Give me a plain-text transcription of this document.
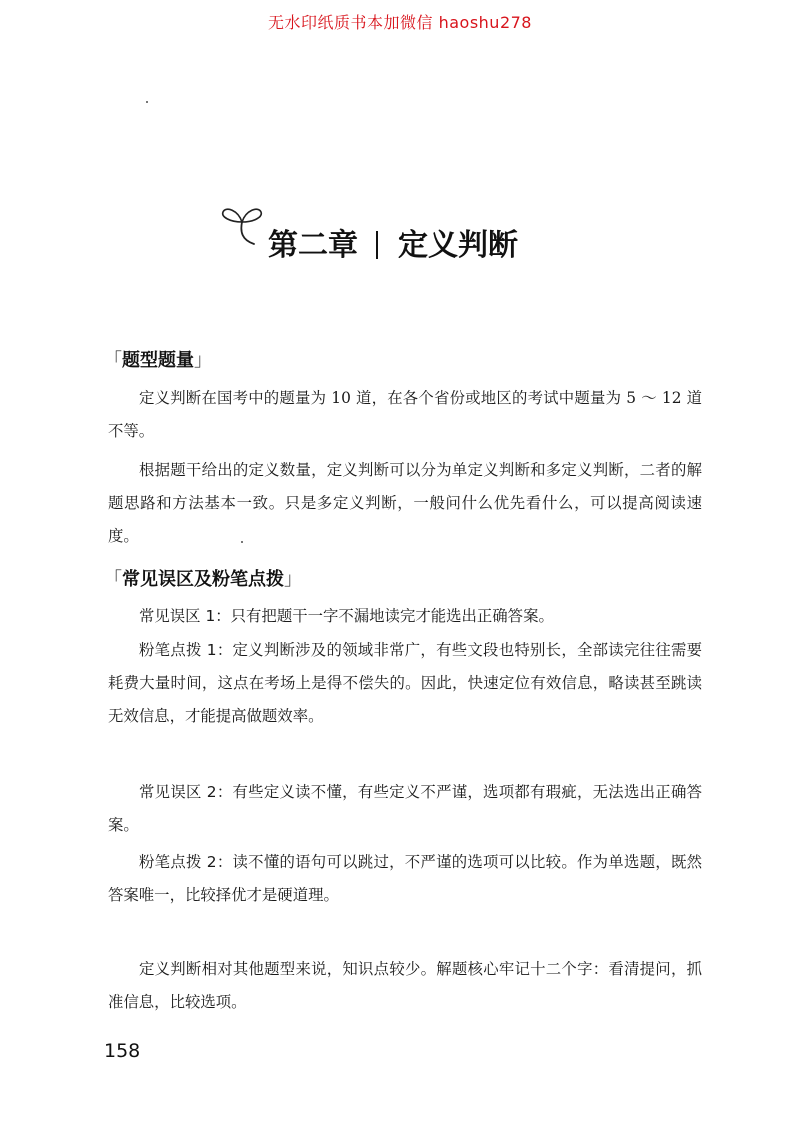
无水印纸质书本加微信 haoshu278
第二章 定义判断
「题型题量」

定义判断在国考中的题量为 10 道，在各个省份或地区的考试中题量为 5 ～ 12 道不等。

根据题干给出的定义数量，定义判断可以分为单定义判断和多定义判断，二者的解题思路和方法基本一致。只是多定义判断，一般问什么优先看什么，可以提高阅读速度。

「常见误区及粉笔点拨」

常见误区 1：只有把题干一字不漏地读完才能选出正确答案。

粉笔点拨 1：定义判断涉及的领域非常广，有些文段也特别长，全部读完往往需要耗费大量时间，这点在考场上是得不偿失的。因此，快速定位有效信息，略读甚至跳读无效信息，才能提高做题效率。

常见误区 2：有些定义读不懂，有些定义不严谨，选项都有瑕疵，无法选出正确答案。

粉笔点拨 2：读不懂的语句可以跳过，不严谨的选项可以比较。作为单选题，既然答案唯一，比较择优才是硬道理。

定义判断相对其他题型来说，知识点较少。解题核心牢记十二个字：看清提问，抓准信息，比较选项。

158
